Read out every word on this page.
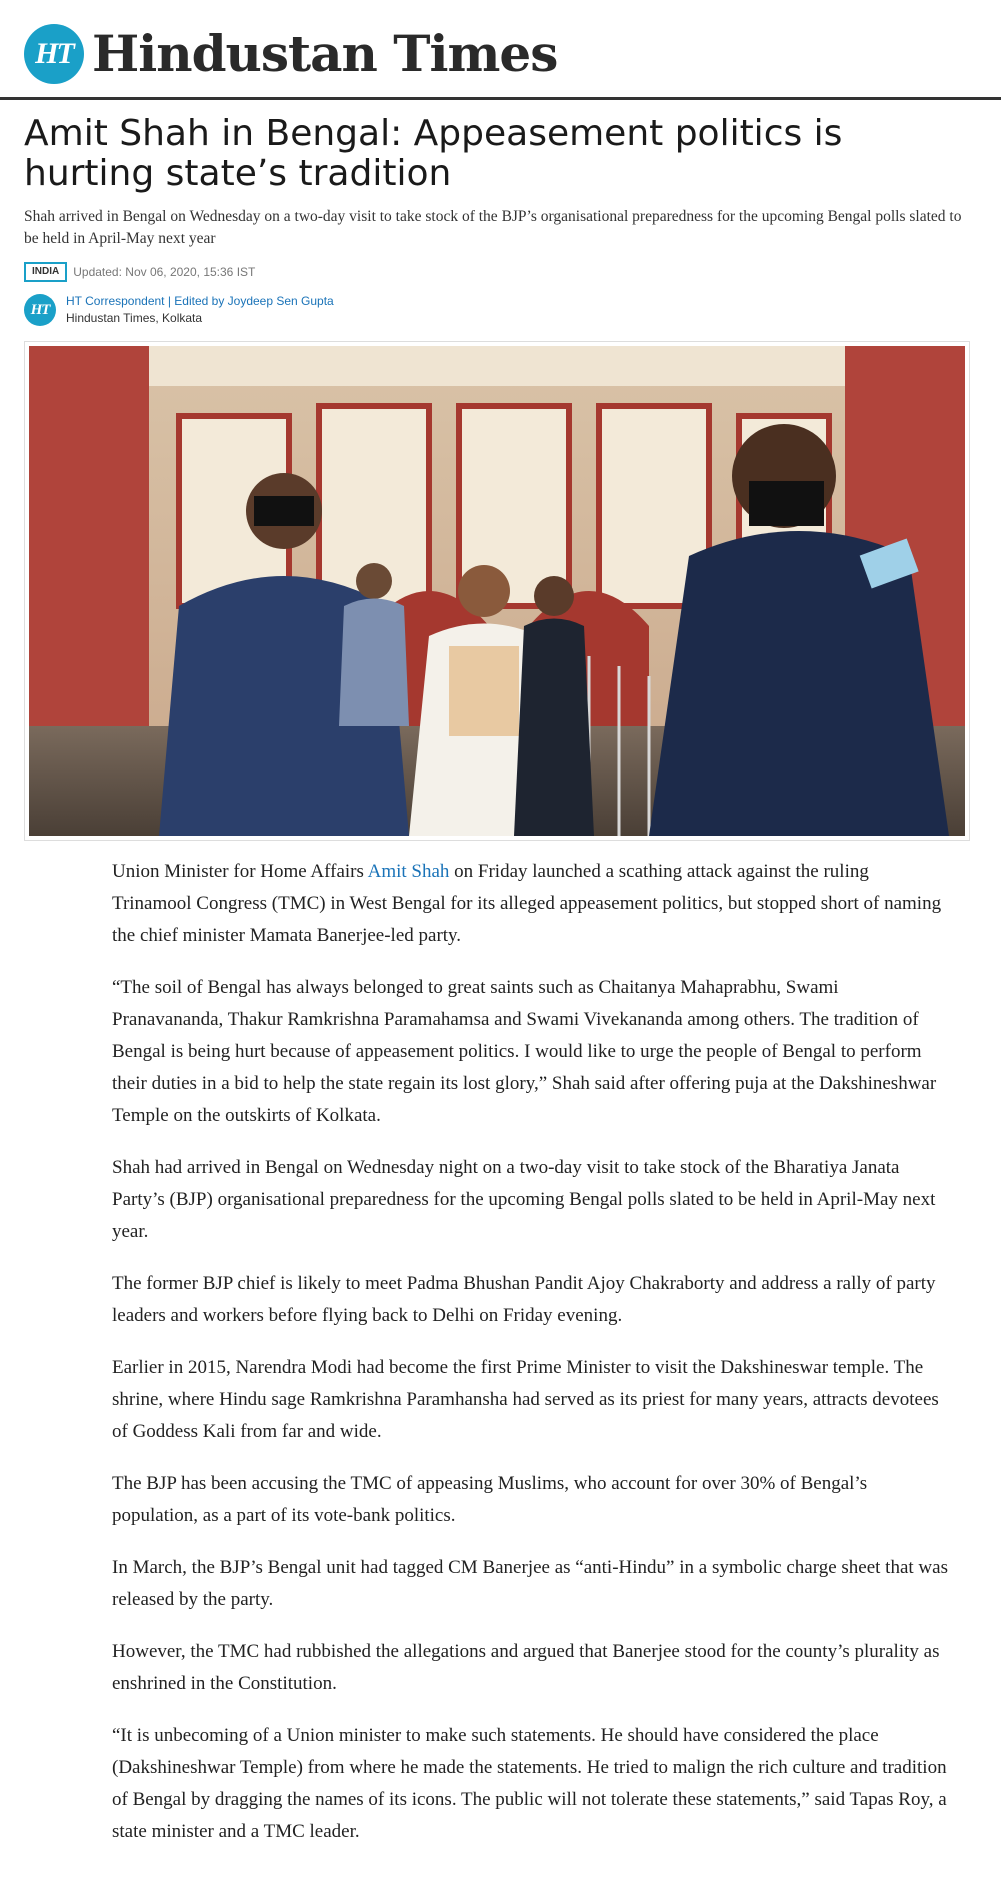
HT Hindustan Times
Amit Shah in Bengal: Appeasement politics is hurting state’s tradition

Shah arrived in Bengal on Wednesday on a two-day visit to take stock of the BJP’s organisational preparedness for the upcoming Bengal polls slated to be held in April-May next year

INDIA	Updated: Nov 06, 2020, 15:36 IST
HT
HT Correspondent | Edited by Joydeep Sen Gupta
Hindustan Times, Kolkata

Union Minister for Home Affairs Amit Shah on Friday launched a scathing attack against the ruling Trinamool Congress (TMC) in West Bengal for its alleged appeasement politics, but stopped short of naming the chief minister Mamata Banerjee-led party.

“The soil of Bengal has always belonged to great saints such as Chaitanya Mahaprabhu, Swami Pranavananda, Thakur Ramkrishna Paramahamsa and Swami Vivekananda among others. The tradition of Bengal is being hurt because of appeasement politics. I would like to urge the people of Bengal to perform their duties in a bid to help the state regain its lost glory,” Shah said after offering puja at the Dakshineshwar Temple on the outskirts of Kolkata.

Shah had arrived in Bengal on Wednesday night on a two-day visit to take stock of the Bharatiya Janata Party’s (BJP) organisational preparedness for the upcoming Bengal polls slated to be held in April-May next year.

The former BJP chief is likely to meet Padma Bhushan Pandit Ajoy Chakraborty and address a rally of party leaders and workers before flying back to Delhi on Friday evening.

Earlier in 2015, Narendra Modi had become the first Prime Minister to visit the Dakshineswar temple. The shrine, where Hindu sage Ramkrishna Paramhansha had served as its priest for many years, attracts devotees of Goddess Kali from far and wide.

The BJP has been accusing the TMC of appeasing Muslims, who account for over 30% of Bengal’s population, as a part of its vote-bank politics.

In March, the BJP’s Bengal unit had tagged CM Banerjee as “anti-Hindu” in a symbolic charge sheet that was released by the party.

However, the TMC had rubbished the allegations and argued that Banerjee stood for the county’s plurality as enshrined in the Constitution.

“It is unbecoming of a Union minister to make such statements. He should have considered the place (Dakshineshwar Temple) from where he made the statements. He tried to malign the rich culture and tradition of Bengal by dragging the names of its icons. The public will not tolerate these statements,” said Tapas Roy, a state minister and a TMC leader.
